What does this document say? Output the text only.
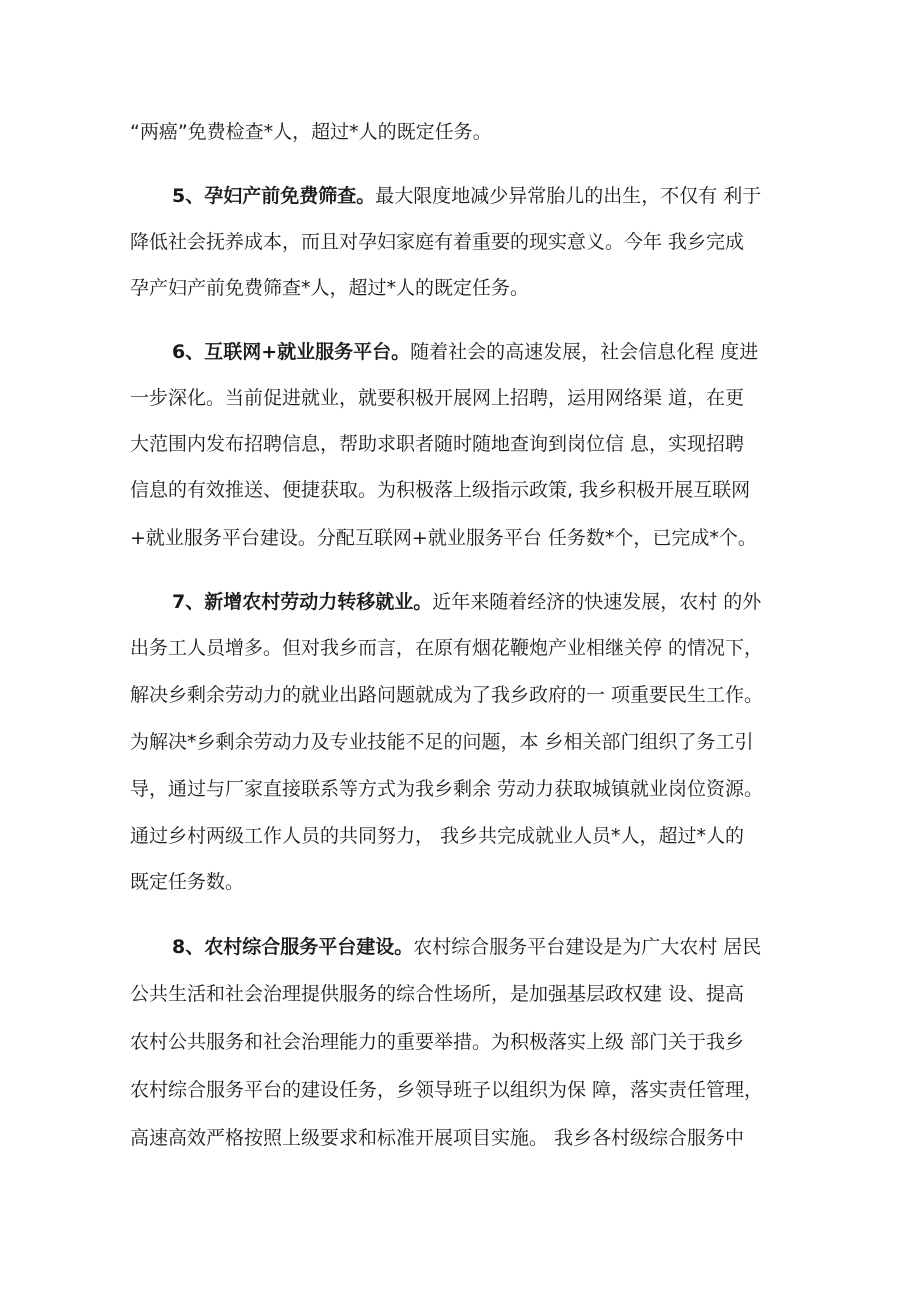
“两癌”免费检查*人，超过*人的既定任务。
5、孕妇产前免费筛查。最大限度地减少异常胎儿的出生，不仅有 利于
降低社会抚养成本，而且对孕妇家庭有着重要的现实意义。今年 我乡完成
孕产妇产前免费筛查*人，超过*人的既定任务。
6、互联网+就业服务平台。随着社会的高速发展，社会信息化程 度进
一步深化。当前促进就业，就要积极开展网上招聘，运用网络渠 道，在更
大范围内发布招聘信息，帮助求职者随时随地查询到岗位信 息，实现招聘
信息的有效推送、便捷获取。为积极落上级指示政策, 我乡积极开展互联网
+就业服务平台建设。分配互联网+就业服务平台 任务数*个，已完成*个。
7、新增农村劳动力转移就业。近年来随着经济的快速发展，农村 的外
出务工人员增多。但对我乡而言，在原有烟花鞭炮产业相继关停 的情况下，
解决乡剩余劳动力的就业出路问题就成为了我乡政府的一 项重要民生工作。
为解决*乡剩余劳动力及专业技能不足的问题，本 乡相关部门组织了务工引
导，通过与厂家直接联系等方式为我乡剩余 劳动力获取城镇就业岗位资源。
通过乡村两级工作人员的共同努力， 我乡共完成就业人员*人，超过*人的
既定任务数。
8、农村综合服务平台建设。农村综合服务平台建设是为广大农村 居民
公共生活和社会治理提供服务的综合性场所，是加强基层政权建 设、提高
农村公共服务和社会治理能力的重要举措。为积极落实上级 部门关于我乡
农村综合服务平台的建设任务，乡领导班子以组织为保 障，落实责任管理，
高速高效严格按照上级要求和标准开展项目实施。 我乡各村级综合服务中
